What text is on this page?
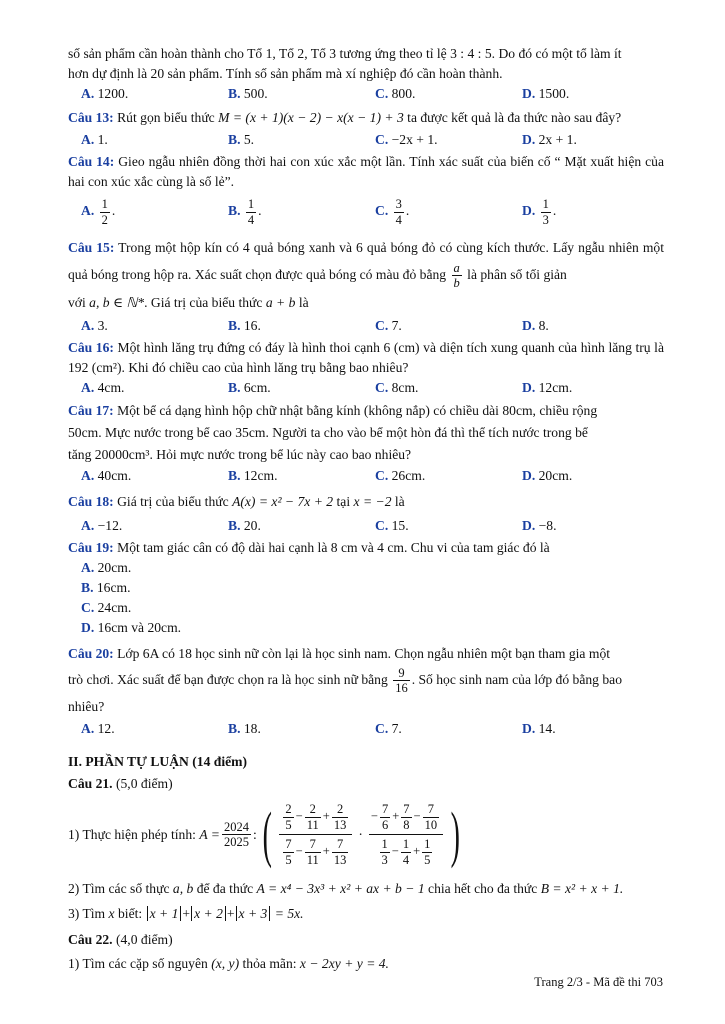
số sản phẩm cần hoàn thành cho Tổ 1, Tổ 2, Tổ 3 tương ứng theo tỉ lệ 3 : 4 : 5. Do đó có một tổ làm ít

hơn dự định là 20 sản phẩm. Tính số sản phẩm mà xí nghiệp đó cần hoàn thành.

A. 1200.	B. 500.	C. 800.	D. 1500.

Câu 13: Rút gọn biểu thức M = (x + 1)(x − 2) − x(x − 1) + 3 ta được kết quả là đa thức nào sau đây?

A. 1.	B. 5.	C. −2x + 1.	D. 2x + 1.

Câu 14: Gieo ngẫu nhiên đồng thời hai con xúc xắc một lần. Tính xác suất của biến cố “ Mặt xuất hiện của hai con xúc xắc cùng là số lẻ”.

A. $\frac{1}{2}$ .	B. $\frac{1}{4}$ .	C. $\frac{3}{4}$ .	D. $\frac{1}{3}$ .

Câu 15: Trong một hộp kín có 4 quả bóng xanh và 6 quả bóng đỏ có cùng kích thước. Lấy ngẫu nhiên một quả bóng trong hộp ra. Xác suất chọn được quả bóng có màu đỏ bằng $\frac{a}{b}$ là phân số tối giản

với a, b ∈ ℕ*. Giá trị của biểu thức a + b là

A. 3.	B. 16.	C. 7.	D. 8.

Câu 16: Một hình lăng trụ đứng có đáy là hình thoi cạnh 6 (cm) và diện tích xung quanh của hình lăng trụ là 192 (cm²). Khi đó chiều cao của hình lăng trụ bằng bao nhiêu?

A. 4cm.	B. 6cm.	C. 8cm.	D. 12cm.

Câu 17: Một bể cá dạng hình hộp chữ nhật bằng kính (không nắp) có chiều dài 80cm, chiều rộng

50cm. Mực nước trong bể cao 35cm. Người ta cho vào bể một hòn đá thì thể tích nước trong bể

tăng 20000cm³. Hỏi mực nước trong bể lúc này cao bao nhiêu?

A. 40cm.	B. 12cm.	C. 26cm.	D. 20cm.

Câu 18: Giá trị của biểu thức A(x) = x² − 7x + 2 tại x = −2 là

A. −12.	B. 20.	C. 15.	D. −8.

Câu 19: Một tam giác cân có độ dài hai cạnh là 8 cm và 4 cm. Chu vi của tam giác đó là

A. 20cm.
B. 16cm.
C. 24cm.
D. 16cm và 20cm.

Câu 20: Lớp 6A có 18 học sinh nữ còn lại là học sinh nam. Chọn ngẫu nhiên một bạn tham gia một

trò chơi. Xác suất để bạn được chọn ra là học sinh nữ bằng $\frac{9}{16}$ . Số học sinh nam của lớp đó bằng bao

nhiêu?

A. 12.	B. 18.	C. 7.	D. 14.
II. PHẦN TỰ LUẬN (14 điểm)

Câu 21. (5,0 điểm)

1) Thực hiện phép tính:
$A = \frac{2024}{2025}$ : ( $\frac{\frac{2}{5} - \frac{2}{11} + \frac{2}{13}}{\frac{7}{5} - \frac{7}{11} + \frac{7}{13}} \cdot \frac{- \frac{7}{6} + \frac{7}{8} - \frac{7}{10}}{\frac{1}{3} - \frac{1}{4} + \frac{1}{5}}$ )

2) Tìm các số thực a, b để đa thức A = x⁴ − 3x³ + x² + ax + b − 1 chia hết cho đa thức B = x² + x + 1.

3) Tìm x biết: x + 1 + x + 2 + x + 3 = 5x.

Câu 22. (4,0 điểm)

1) Tìm các cặp số nguyên (x, y) thỏa mãn: x − 2xy + y = 4.

Trang 2/3 - Mã đề thi 703
